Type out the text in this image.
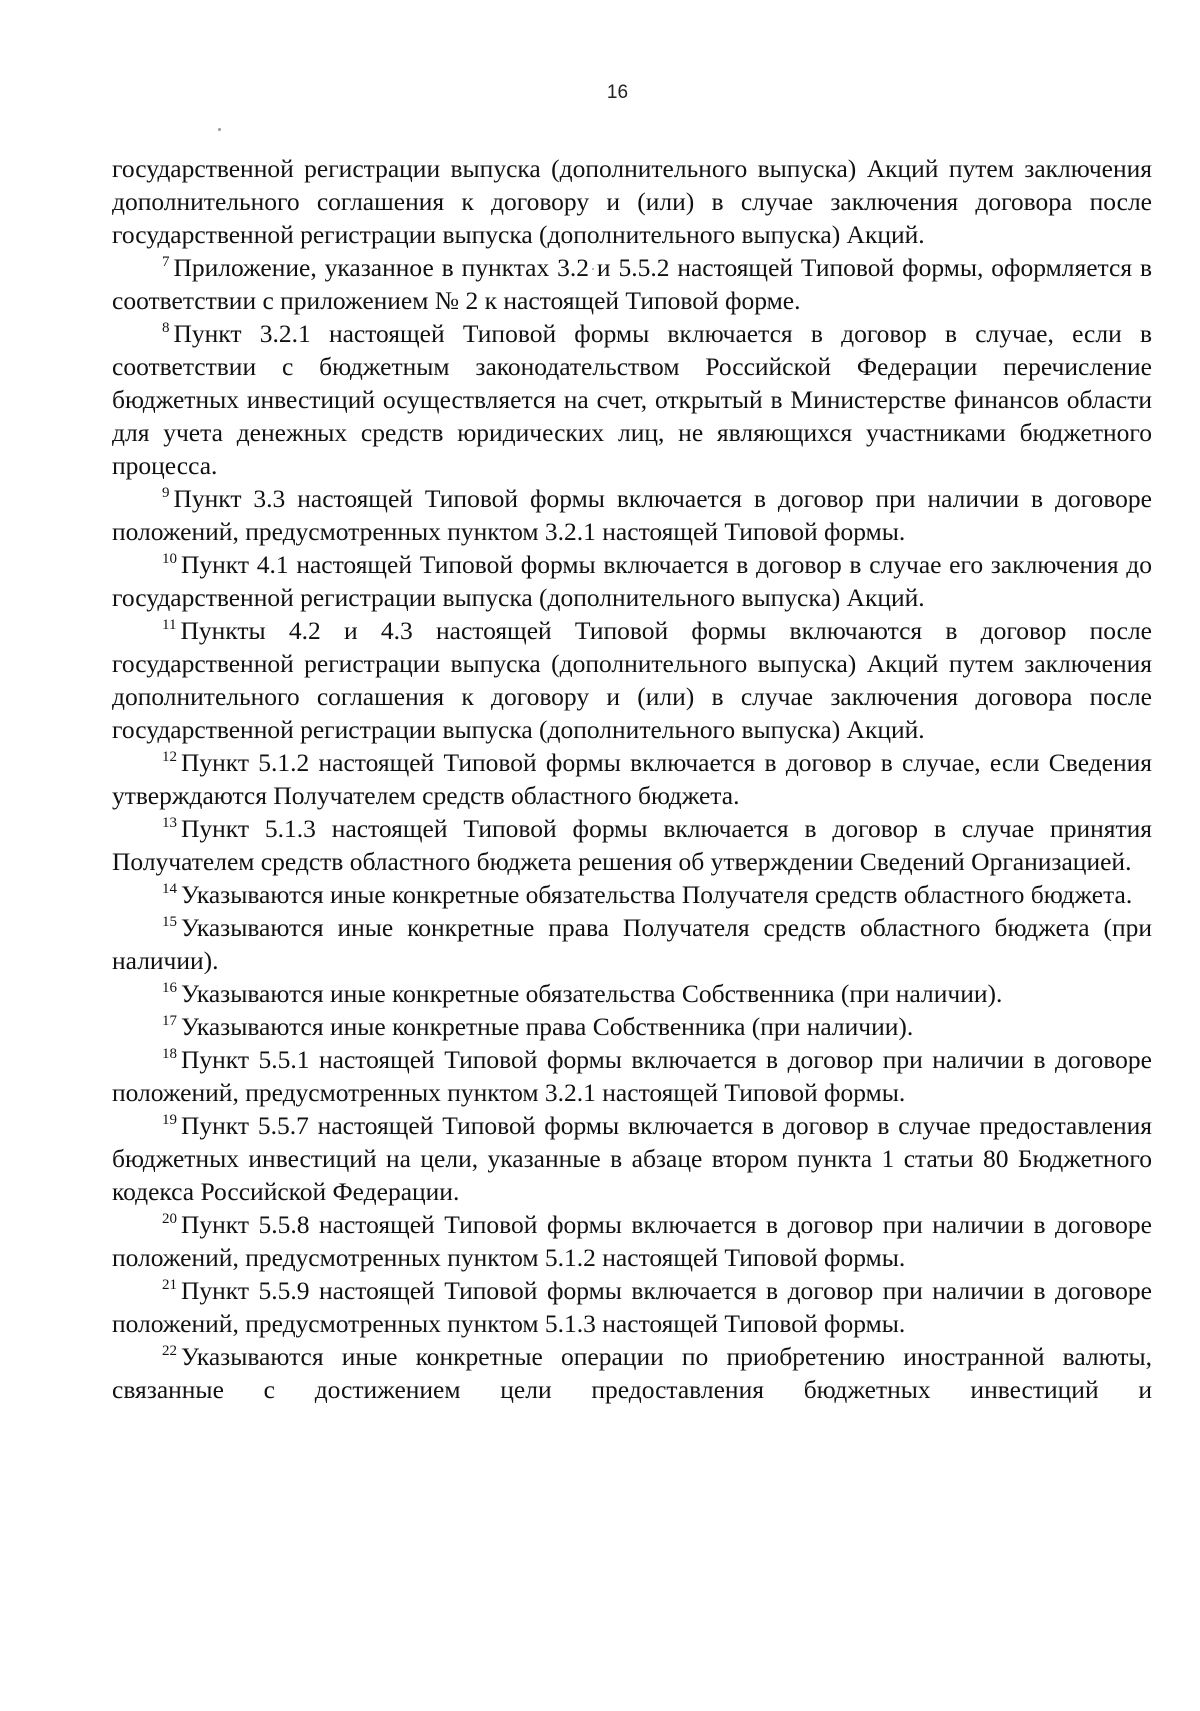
16

государственной регистрации выпуска (дополнительного выпуска) Акций путем заключения дополнительного соглашения к договору и (или) в случае заключения договора после государственной регистрации выпуска (дополнительного выпуска) Акций.

$^7$ Приложение, указанное в пунктах 3.2 и 5.5.2 настоящей Типовой формы, оформляется в соответствии с приложением № 2 к настоящей Типовой форме.

$^8$ Пункт 3.2.1 настоящей Типовой формы включается в договор в случае, если в соответствии с бюджетным законодательством Российской Федерации перечисление бюджетных инвестиций осуществляется на счет, открытый в Министерстве финансов области для учета денежных средств юридических лиц, не являющихся участниками бюджетного процесса.

$^9$ Пункт 3.3 настоящей Типовой формы включается в договор при наличии в договоре положений, предусмотренных пунктом 3.2.1 настоящей Типовой формы.

$^{10}$ Пункт 4.1 настоящей Типовой формы включается в договор в случае его заключения до государственной регистрации выпуска (дополнительного выпуска) Акций.

$^{11}$ Пункты 4.2 и 4.3 настоящей Типовой формы включаются в договор после государственной регистрации выпуска (дополнительного выпуска) Акций путем заключения дополнительного соглашения к договору и (или) в случае заключения договора после государственной регистрации выпуска (дополнительного выпуска) Акций.

$^{12}$ Пункт 5.1.2 настоящей Типовой формы включается в договор в случае, если Сведения утверждаются Получателем средств областного бюджета.

$^{13}$ Пункт 5.1.3 настоящей Типовой формы включается в договор в случае принятия Получателем средств областного бюджета решения об утверждении Сведений Организацией.

$^{14}$ Указываются иные конкретные обязательства Получателя средств областного бюджета.

$^{15}$ Указываются иные конкретные права Получателя средств областного бюджета (при наличии).

$^{16}$ Указываются иные конкретные обязательства Собственника (при наличии).

$^{17}$ Указываются иные конкретные права Собственника (при наличии).

$^{18}$ Пункт 5.5.1 настоящей Типовой формы включается в договор при наличии в договоре положений, предусмотренных пунктом 3.2.1 настоящей Типовой формы.

$^{19}$ Пункт 5.5.7 настоящей Типовой формы включается в договор в случае предоставления бюджетных инвестиций на цели, указанные в абзаце втором пункта 1 статьи 80 Бюджетного кодекса Российской Федерации.

$^{20}$ Пункт 5.5.8 настоящей Типовой формы включается в договор при наличии в договоре положений, предусмотренных пунктом 5.1.2 настоящей Типовой формы.

$^{21}$ Пункт 5.5.9 настоящей Типовой формы включается в договор при наличии в договоре положений, предусмотренных пунктом 5.1.3 настоящей Типовой формы.

$^{22}$ Указываются иные конкретные операции по приобретению иностранной валюты, связанные с достижением цели предоставления бюджетных инвестиций и
